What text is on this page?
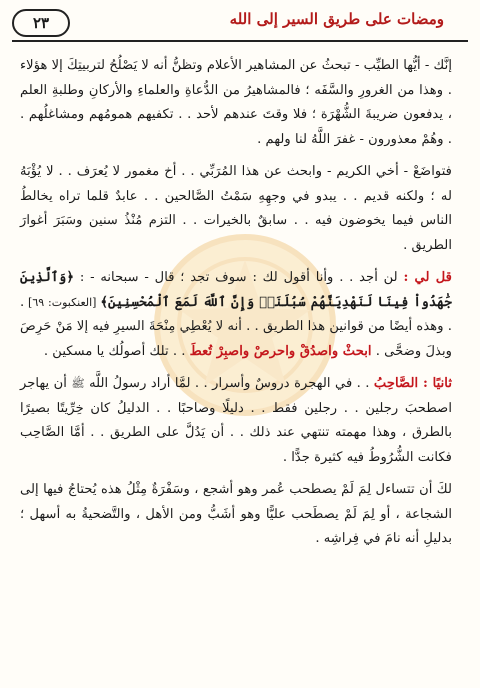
ومضات على طريق السير إلى الله
٢٣

إنَّك - أيُّها الطيِّب - تبحثُ عن المشاهير الأعلام وتظنُّ أنه لا يَصْلُحُ لتربيتِكَ إلا هؤلاء . وهذا من الغرورِ والسَّفَه ؛ فالمشاهيرُ من الدُّعاةِ والعلماءِ والأركانِ وطلبةِ العلم ، يدفعون ضريبةَ الشُّهْرَة ؛ فلا وقتَ عندهم لأحد . . تكفيهم همومُهم ومشاغلُهم . . وهُمْ معذورون - غفرَ اللَّهُ لنا ولهم .

فتواضَعْ - أخي الكريم - وابحث عن هذا المُرَبِّي . . أخ مغمور لا يُعرَف . . لا يُؤْبَهُ له ؛ ولكنه قديم . . يبدو في وجهِهِ سَمْتُ الصَّالحين . . عابدٌ قلما تراه يخالطُ الناس فيما يخوضون فيه . . سابقٌ بالخيرات . . التزم مُنْذُ سنين وسَبَرَ أغوارَ الطريق .

قل لي : لن أجد . . وأنا أقول لك : سوف تجد ؛ قال - سبحانه - : ﴿وَٱلَّذِينَ جَٰهَدُواْ فِينَا لَنَهْدِيَنَّهُمْ سُبُلَنَاۚ وَإِنَّ ٱللَّهَ لَمَعَ ٱلْمُحْسِنِينَ﴾ [العنكبوت: ٦٩] . . وهذه أيضًا من قوانين هذا الطريق . . أنه لا يُعْطِي مِنْحَةَ السيرِ فيه إلا مَنْ حَرِصَ وبذلَ وضحَّى . ابحثْ واصدُقْ واحرصْ واصبِرْ تُعطَ . . تلك أصولُك يا مسكين .

ثانيًا : الصَّاحِبُ . . في الهجرة دروسٌ وأسرار . . لمَّا أراد رسولُ اللَّه ﷺ أن يهاجر اصطحبَ رجلين . . رجلين فقط . . دليلًا وصاحبًا . . الدليلُ كان خِرِّيتًا بصيرًا بالطرق ، وهذا مهمته تنتهي عند ذلك . . أن يَدُلَّ على الطريق . . أمَّا الصَّاحِب فكانت الشُّرُوطُ فيه كثيرة جدًّا .

لكَ أن تتساءل لِمَ لَمْ يصطحب عُمر وهو أشجع ، وسَفْرَةٌ مِثْلُ هذه يُحتاجُ فيها إلى الشجاعة ، أو لِمَ لَمْ يصطَحب عليًّا وهو أشَبُّ ومن الأهل ، والتَّضحيةُ به أسهل ؛ بدليلِ أنه نامَ في فِراشِه .
